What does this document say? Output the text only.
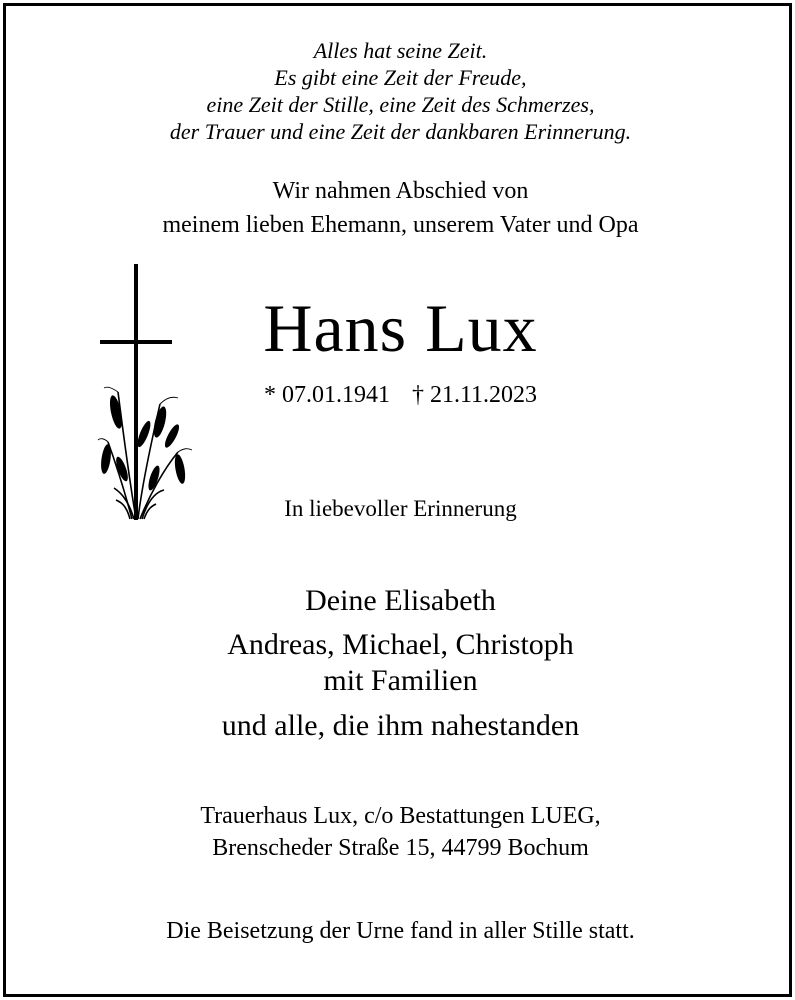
Alles hat seine Zeit.
Es gibt eine Zeit der Freude,
eine Zeit der Stille, eine Zeit des Schmerzes,
der Trauer und eine Zeit der dankbaren Erinnerung.
Wir nahmen Abschied von
meinem lieben Ehemann, unserem Vater und Opa
Hans Lux
* 07.01.1941 † 21.11.2023
In liebevoller Erinnerung
Deine Elisabeth
Andreas, Michael, Christoph
mit Familien
und alle, die ihm nahestanden
Trauerhaus Lux, c/o Bestattungen LUEG,
Brenscheder Straße 15, 44799 Bochum
Die Beisetzung der Urne fand in aller Stille statt.
